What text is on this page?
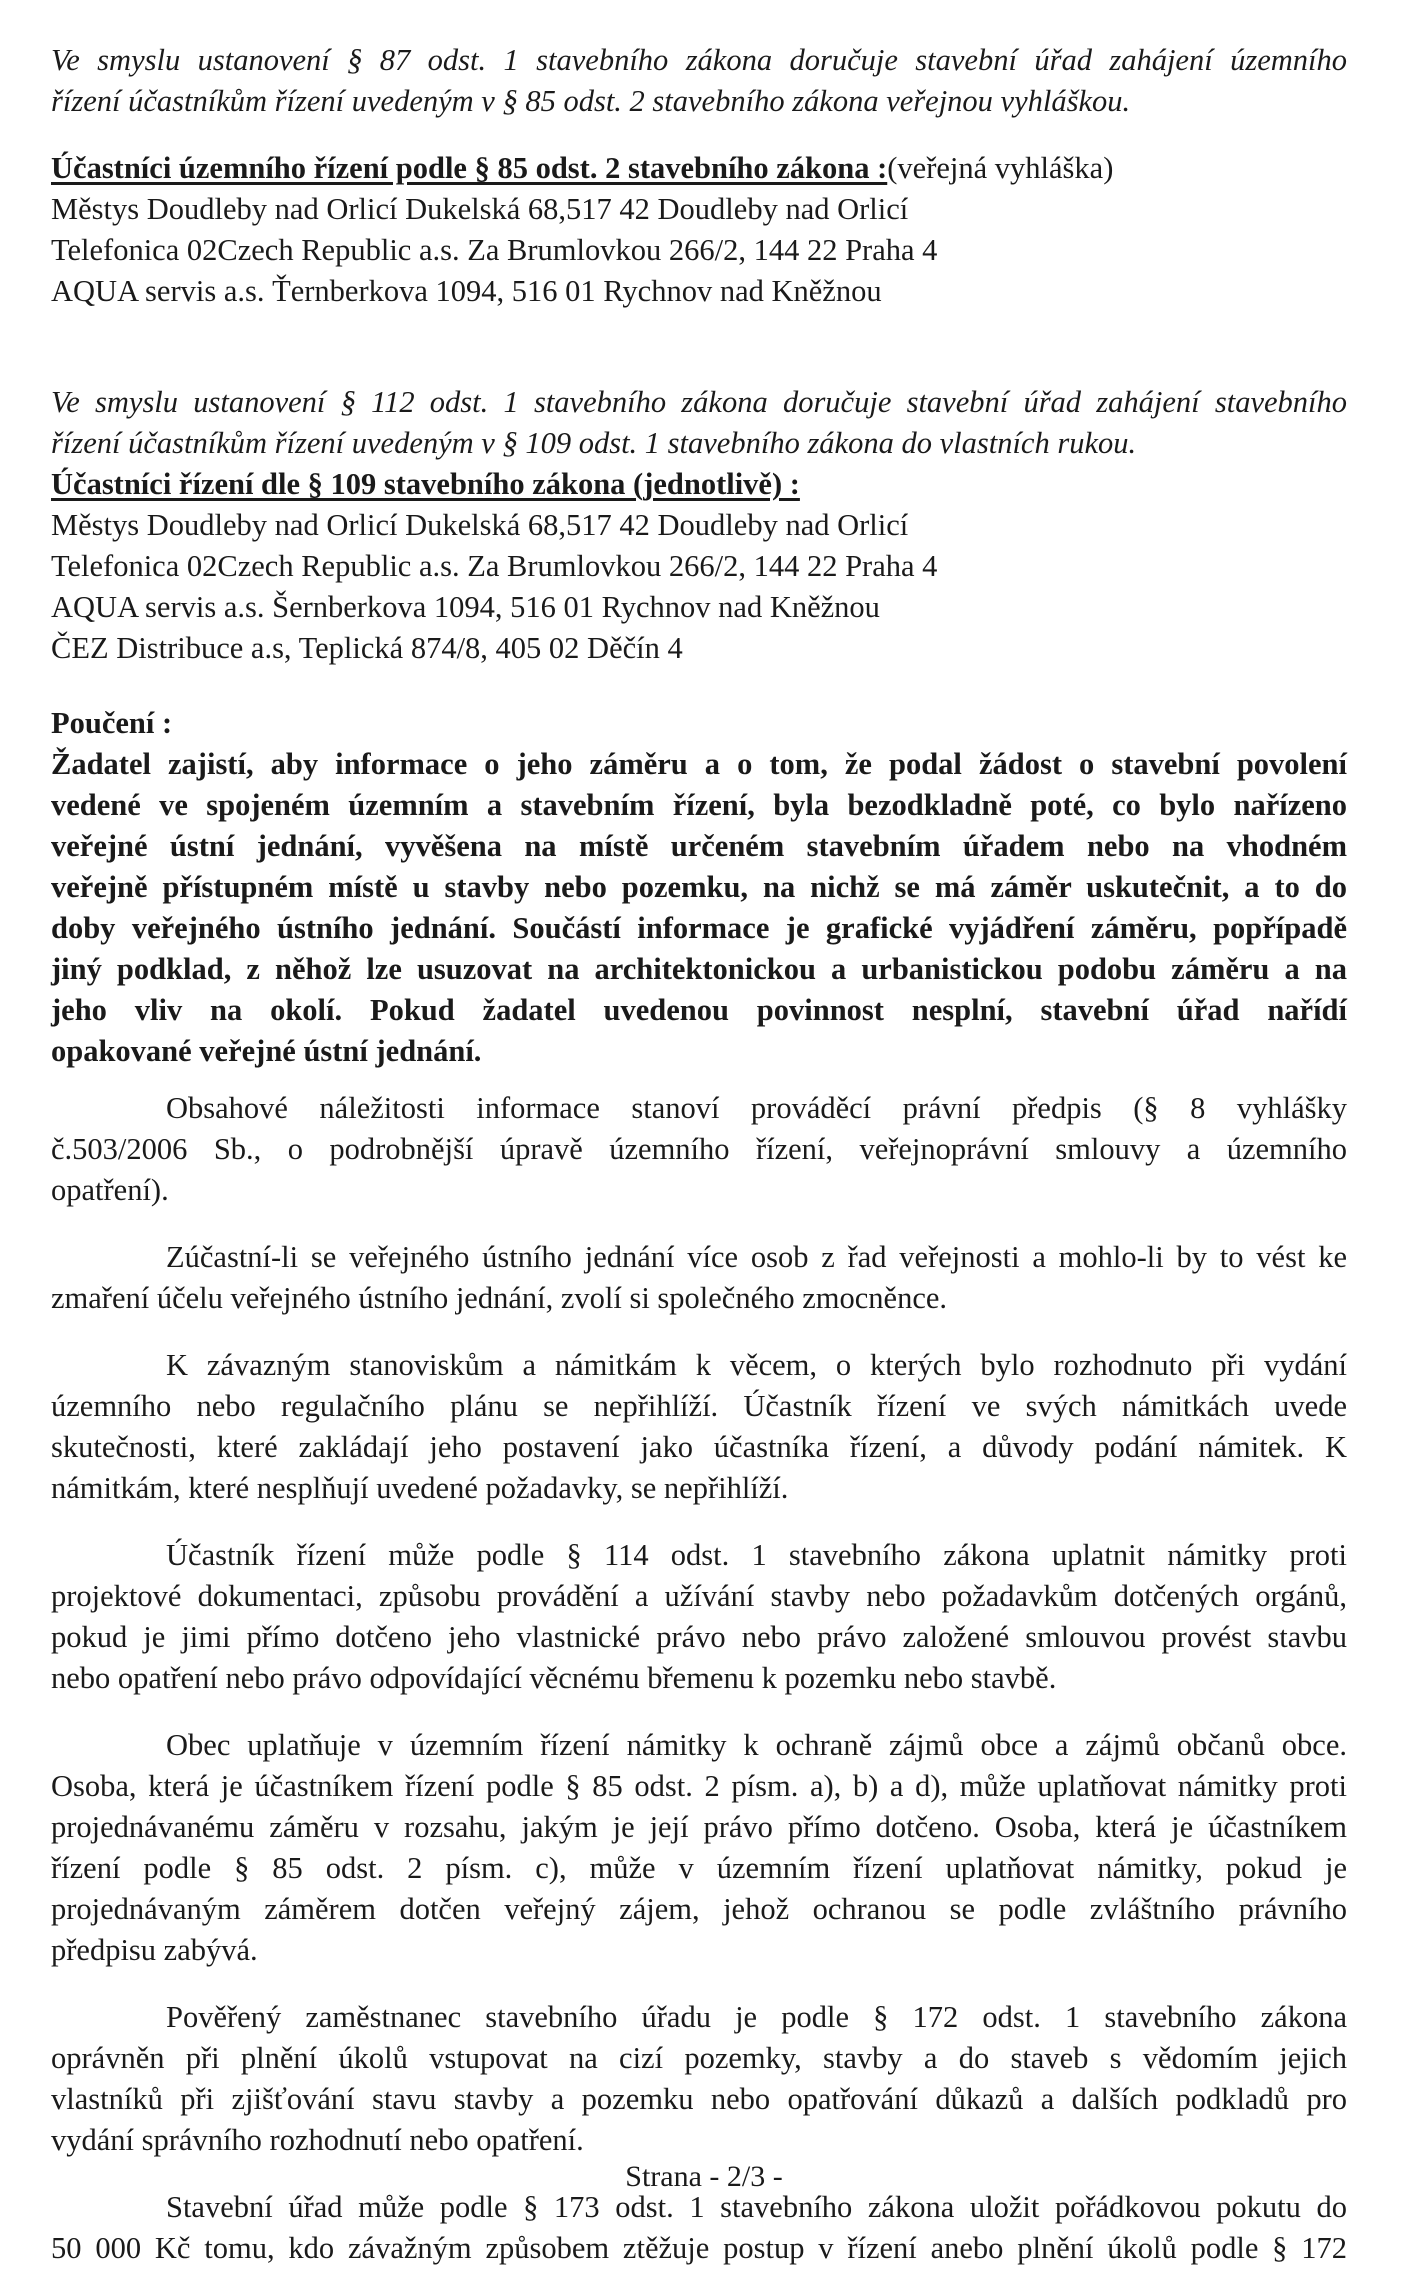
Ve smyslu ustanovení § 87 odst. 1 stavebního zákona doručuje stavební úřad zahájení územního
řízení účastníkům řízení uvedeným v § 85 odst. 2 stavebního zákona veřejnou vyhláškou.
Účastníci územního řízení podle § 85 odst. 2 stavebního zákona :(veřejná vyhláška)
Městys Doudleby nad Orlicí Dukelská 68,517 42 Doudleby nad Orlicí
Telefonica 02Czech Republic a.s. Za Brumlovkou 266/2, 144 22 Praha 4
AQUA servis a.s. Ťernberkova 1094, 516 01 Rychnov nad Kněžnou
Ve smyslu ustanovení § 112 odst. 1 stavebního zákona doručuje stavební úřad zahájení stavebního
řízení účastníkům řízení uvedeným v § 109 odst. 1 stavebního zákona do vlastních rukou.
Účastníci řízení dle § 109 stavebního zákona (jednotlivě) :
Městys Doudleby nad Orlicí Dukelská 68,517 42 Doudleby nad Orlicí
Telefonica 02Czech Republic a.s. Za Brumlovkou 266/2, 144 22 Praha 4
AQUA servis a.s. Šernberkova 1094, 516 01 Rychnov nad Kněžnou
ČEZ Distribuce a.s, Teplická 874/8, 405 02 Děčín 4
Poučení :
Žadatel zajistí, aby informace o jeho záměru a o tom, že podal žádost o stavební povolení
vedené ve spojeném územním a stavebním řízení, byla bezodkladně poté, co bylo nařízeno
veřejné ústní jednání, vyvěšena na místě určeném stavebním úřadem nebo na vhodném
veřejně přístupném místě u stavby nebo pozemku, na nichž se má záměr uskutečnit, a to do
doby veřejného ústního jednání. Součástí informace je grafické vyjádření záměru, popřípadě
jiný podklad, z něhož lze usuzovat na architektonickou a urbanistickou podobu záměru a na
jeho vliv na okolí. Pokud žadatel uvedenou povinnost nesplní, stavební úřad nařídí
opakované veřejné ústní jednání.
Obsahové náležitosti informace stanoví prováděcí právní předpis (§ 8 vyhlášky
č.503/2006 Sb., o podrobnější úpravě územního řízení, veřejnoprávní smlouvy a územního
opatření).
Zúčastní-li se veřejného ústního jednání více osob z řad veřejnosti a mohlo-li by to vést ke
zmaření účelu veřejného ústního jednání, zvolí si společného zmocněnce.
K závazným stanoviskům a námitkám k věcem, o kterých bylo rozhodnuto při vydání
územního nebo regulačního plánu se nepřihlíží. Účastník řízení ve svých námitkách uvede
skutečnosti, které zakládají jeho postavení jako účastníka řízení, a důvody podání námitek. K
námitkám, které nesplňují uvedené požadavky, se nepřihlíží.
Účastník řízení může podle § 114 odst. 1 stavebního zákona uplatnit námitky proti
projektové dokumentaci, způsobu provádění a užívání stavby nebo požadavkům dotčených orgánů,
pokud je jimi přímo dotčeno jeho vlastnické právo nebo právo založené smlouvou provést stavbu
nebo opatření nebo právo odpovídající věcnému břemenu k pozemku nebo stavbě.
Obec uplatňuje v územním řízení námitky k ochraně zájmů obce a zájmů občanů obce.
Osoba, která je účastníkem řízení podle § 85 odst. 2 písm. a), b) a d), může uplatňovat námitky proti
projednávanému záměru v rozsahu, jakým je její právo přímo dotčeno. Osoba, která je účastníkem
řízení podle § 85 odst. 2 písm. c), může v územním řízení uplatňovat námitky, pokud je
projednávaným záměrem dotčen veřejný zájem, jehož ochranou se podle zvláštního právního
předpisu zabývá.
Pověřený zaměstnanec stavebního úřadu je podle § 172 odst. 1 stavebního zákona
oprávněn při plnění úkolů vstupovat na cizí pozemky, stavby a do staveb s vědomím jejich
vlastníků při zjišťování stavu stavby a pozemku nebo opatřování důkazů a dalších podkladů pro
vydání správního rozhodnutí nebo opatření.
Stavební úřad může podle § 173 odst. 1 stavebního zákona uložit pořádkovou pokutu do
50 000 Kč tomu, kdo závažným způsobem ztěžuje postup v řízení anebo plnění úkolů podle § 172
Strana - 2/3 -
